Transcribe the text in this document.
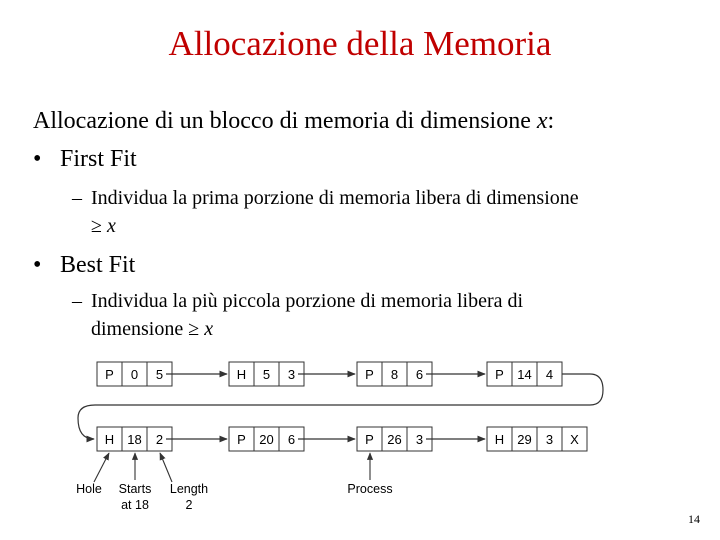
Allocazione della Memoria
Allocazione di un blocco di memoria di dimensione x:
• First Fit
– Individua la prima porzione di memoria libera di dimensione
≥ x
• Best Fit
– Individua la più piccola porzione di memoria libera di
dimensione ≥ x
P 0 5	H 5 3	P 8 6	P 14 4
H 18 2	P 20 6	P 26 3	H 29 3 X
Hole Starts
at 18
Length
2
Process
14
